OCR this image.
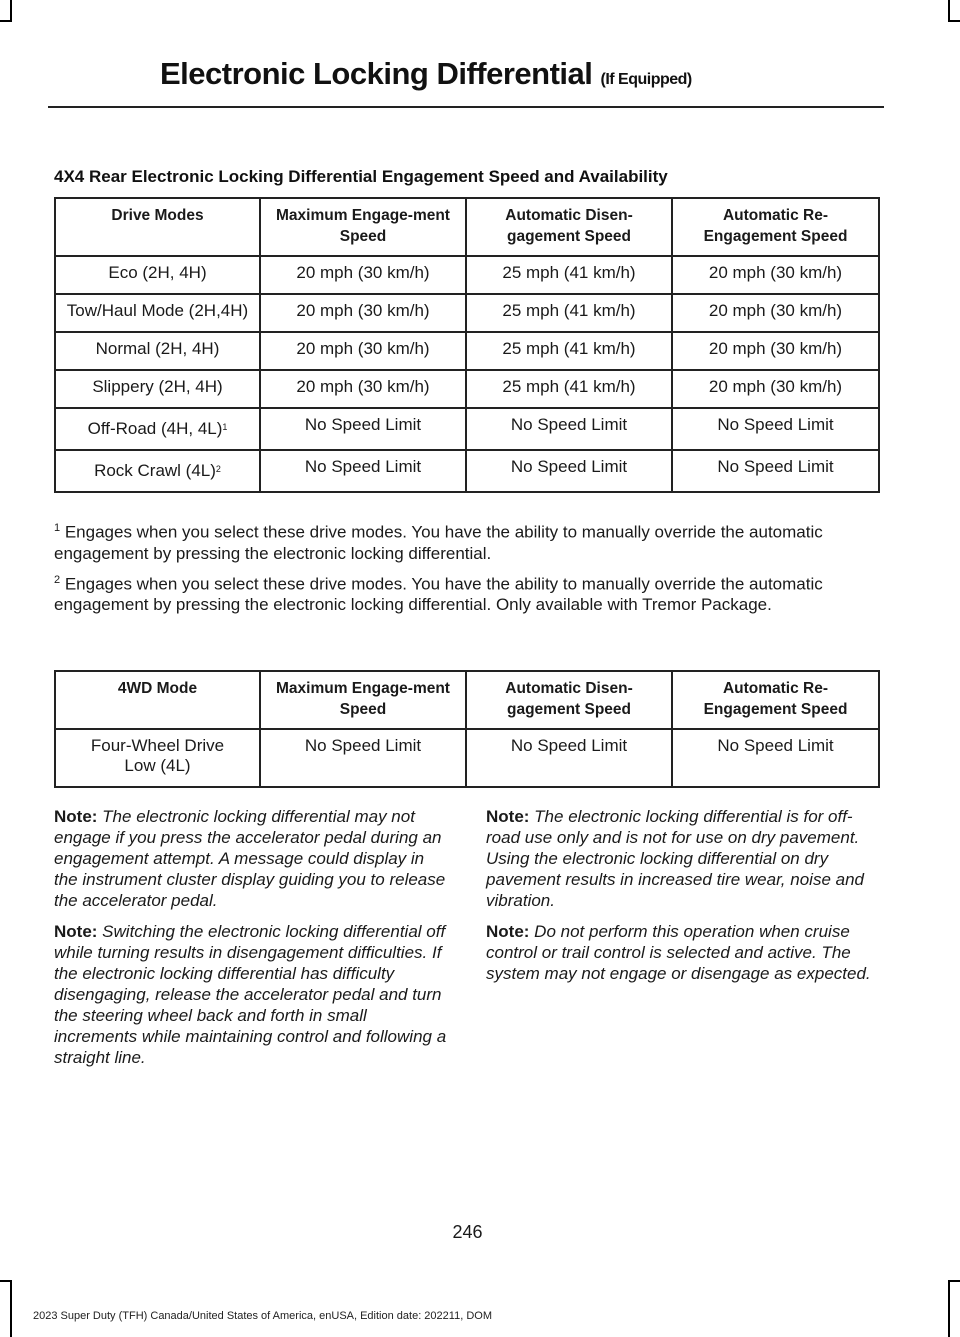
Electronic Locking Differential (If Equipped)
4X4 Rear Electronic Locking Differential Engagement Speed and Availability
Drive Modes	Maximum Engage-ment Speed	Automatic Disen-gagement Speed	Automatic Re-Engagement Speed
Eco (2H, 4H)	20 mph (30 km/h)	25 mph (41 km/h)	20 mph (30 km/h)
Tow/Haul Mode (2H,4H)	20 mph (30 km/h)	25 mph (41 km/h)	20 mph (30 km/h)
Normal (2H, 4H)	20 mph (30 km/h)	25 mph (41 km/h)	20 mph (30 km/h)
Slippery (2H, 4H)	20 mph (30 km/h)	25 mph (41 km/h)	20 mph (30 km/h)
Off-Road (4H, 4L)$^1$	No Speed Limit	No Speed Limit	No Speed Limit
Rock Crawl $(4L)^2$	No Speed Limit	No Speed Limit	No Speed Limit

$^1$ Engages when you select these drive modes. You have the ability to manually override the automatic engagement by pressing the electronic locking differential.

$^2$ Engages when you select these drive modes. You have the ability to manually override the automatic engagement by pressing the electronic locking differential. Only available with Tremor Package.

4WD Mode	Maximum Engage-ment Speed	Automatic Disen-gagement Speed	Automatic Re-Engagement Speed
Four-Wheel Drive Low (4L)	No Speed Limit	No Speed Limit	No Speed Limit

Note: The electronic locking differential may not engage if you press the accelerator pedal during an engagement attempt. A message could display in the instrument cluster display guiding you to release the accelerator pedal.

Note: Switching the electronic locking differential off while turning results in disengagement difficulties. If the electronic locking differential has difficulty disengaging, release the accelerator pedal and turn the steering wheel back and forth in small increments while maintaining control and following a straight line.

Note: The electronic locking differential is for off-road use only and is not for use on dry pavement. Using the electronic locking differential on dry pavement results in increased tire wear, noise and vibration.

Note: Do not perform this operation when cruise control or trail control is selected and active. The system may not engage or disengage as expected.

246
2023 Super Duty (TFH) Canada/United States of America, enUSA, Edition date: 202211, DOM
